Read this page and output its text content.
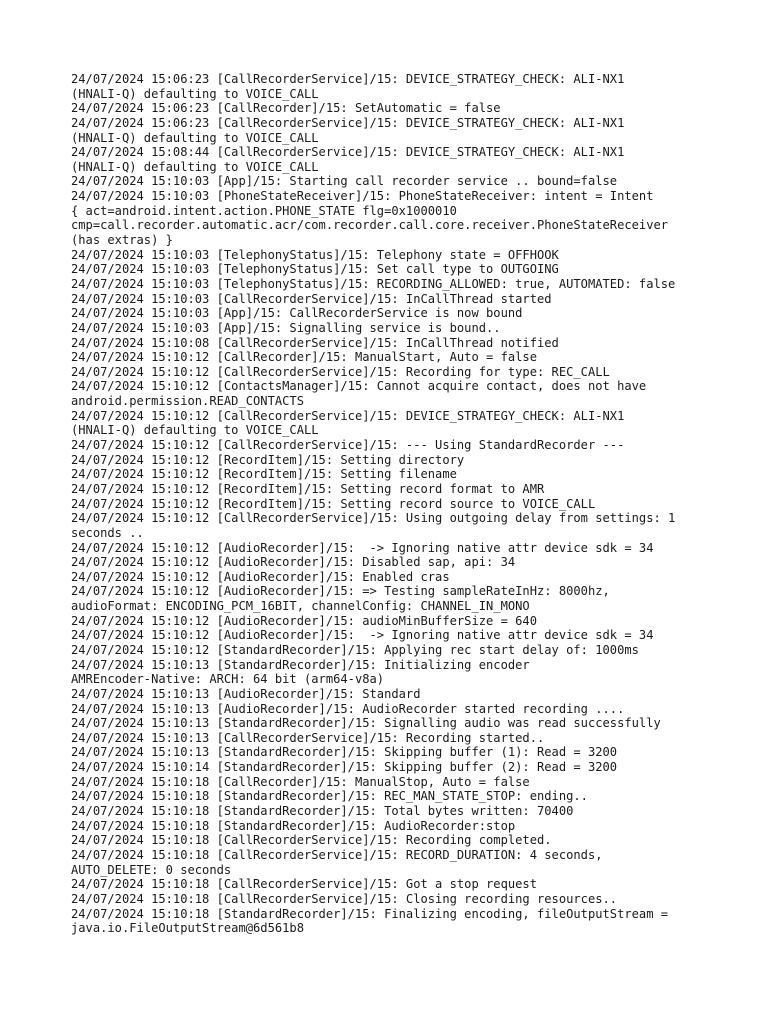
24/07/2024 15:06:23 [CallRecorderService]/15: DEVICE_STRATEGY_CHECK: ALI-NX1
(HNALI-Q) defaulting to VOICE_CALL
24/07/2024 15:06:23 [CallRecorder]/15: SetAutomatic = false
24/07/2024 15:06:23 [CallRecorderService]/15: DEVICE_STRATEGY_CHECK: ALI-NX1
(HNALI-Q) defaulting to VOICE_CALL
24/07/2024 15:08:44 [CallRecorderService]/15: DEVICE_STRATEGY_CHECK: ALI-NX1
(HNALI-Q) defaulting to VOICE_CALL
24/07/2024 15:10:03 [App]/15: Starting call recorder service .. bound=false
24/07/2024 15:10:03 [PhoneStateReceiver]/15: PhoneStateReceiver: intent = Intent
{ act=android.intent.action.PHONE_STATE flg=0x1000010
cmp=call.recorder.automatic.acr/com.recorder.call.core.receiver.PhoneStateReceiver
(has extras) }
24/07/2024 15:10:03 [TelephonyStatus]/15: Telephony state = OFFHOOK
24/07/2024 15:10:03 [TelephonyStatus]/15: Set call type to OUTGOING
24/07/2024 15:10:03 [TelephonyStatus]/15: RECORDING_ALLOWED: true, AUTOMATED: false
24/07/2024 15:10:03 [CallRecorderService]/15: InCallThread started
24/07/2024 15:10:03 [App]/15: CallRecorderService is now bound
24/07/2024 15:10:03 [App]/15: Signalling service is bound..
24/07/2024 15:10:08 [CallRecorderService]/15: InCallThread notified
24/07/2024 15:10:12 [CallRecorder]/15: ManualStart, Auto = false
24/07/2024 15:10:12 [CallRecorderService]/15: Recording for type: REC_CALL
24/07/2024 15:10:12 [ContactsManager]/15: Cannot acquire contact, does not have
android.permission.READ_CONTACTS
24/07/2024 15:10:12 [CallRecorderService]/15: DEVICE_STRATEGY_CHECK: ALI-NX1
(HNALI-Q) defaulting to VOICE_CALL
24/07/2024 15:10:12 [CallRecorderService]/15: --- Using StandardRecorder ---
24/07/2024 15:10:12 [RecordItem]/15: Setting directory
24/07/2024 15:10:12 [RecordItem]/15: Setting filename
24/07/2024 15:10:12 [RecordItem]/15: Setting record format to AMR
24/07/2024 15:10:12 [RecordItem]/15: Setting record source to VOICE_CALL
24/07/2024 15:10:12 [CallRecorderService]/15: Using outgoing delay from settings: 1
seconds ..
24/07/2024 15:10:12 [AudioRecorder]/15:  -> Ignoring native attr device sdk = 34
24/07/2024 15:10:12 [AudioRecorder]/15: Disabled sap, api: 34
24/07/2024 15:10:12 [AudioRecorder]/15: Enabled cras
24/07/2024 15:10:12 [AudioRecorder]/15: => Testing sampleRateInHz: 8000hz,
audioFormat: ENCODING_PCM_16BIT, channelConfig: CHANNEL_IN_MONO
24/07/2024 15:10:12 [AudioRecorder]/15: audioMinBufferSize = 640
24/07/2024 15:10:12 [AudioRecorder]/15:  -> Ignoring native attr device sdk = 34
24/07/2024 15:10:12 [StandardRecorder]/15: Applying rec start delay of: 1000ms
24/07/2024 15:10:13 [StandardRecorder]/15: Initializing encoder
AMREncoder-Native: ARCH: 64 bit (arm64-v8a)
24/07/2024 15:10:13 [AudioRecorder]/15: Standard
24/07/2024 15:10:13 [AudioRecorder]/15: AudioRecorder started recording ....
24/07/2024 15:10:13 [StandardRecorder]/15: Signalling audio was read successfully
24/07/2024 15:10:13 [CallRecorderService]/15: Recording started..
24/07/2024 15:10:13 [StandardRecorder]/15: Skipping buffer (1): Read = 3200
24/07/2024 15:10:14 [StandardRecorder]/15: Skipping buffer (2): Read = 3200
24/07/2024 15:10:18 [CallRecorder]/15: ManualStop, Auto = false
24/07/2024 15:10:18 [StandardRecorder]/15: REC_MAN_STATE_STOP: ending..
24/07/2024 15:10:18 [StandardRecorder]/15: Total bytes written: 70400
24/07/2024 15:10:18 [StandardRecorder]/15: AudioRecorder:stop
24/07/2024 15:10:18 [CallRecorderService]/15: Recording completed.
24/07/2024 15:10:18 [CallRecorderService]/15: RECORD_DURATION: 4 seconds,
AUTO_DELETE: 0 seconds
24/07/2024 15:10:18 [CallRecorderService]/15: Got a stop request
24/07/2024 15:10:18 [CallRecorderService]/15: Closing recording resources..
24/07/2024 15:10:18 [StandardRecorder]/15: Finalizing encoding, fileOutputStream =
java.io.FileOutputStream@6d561b8
